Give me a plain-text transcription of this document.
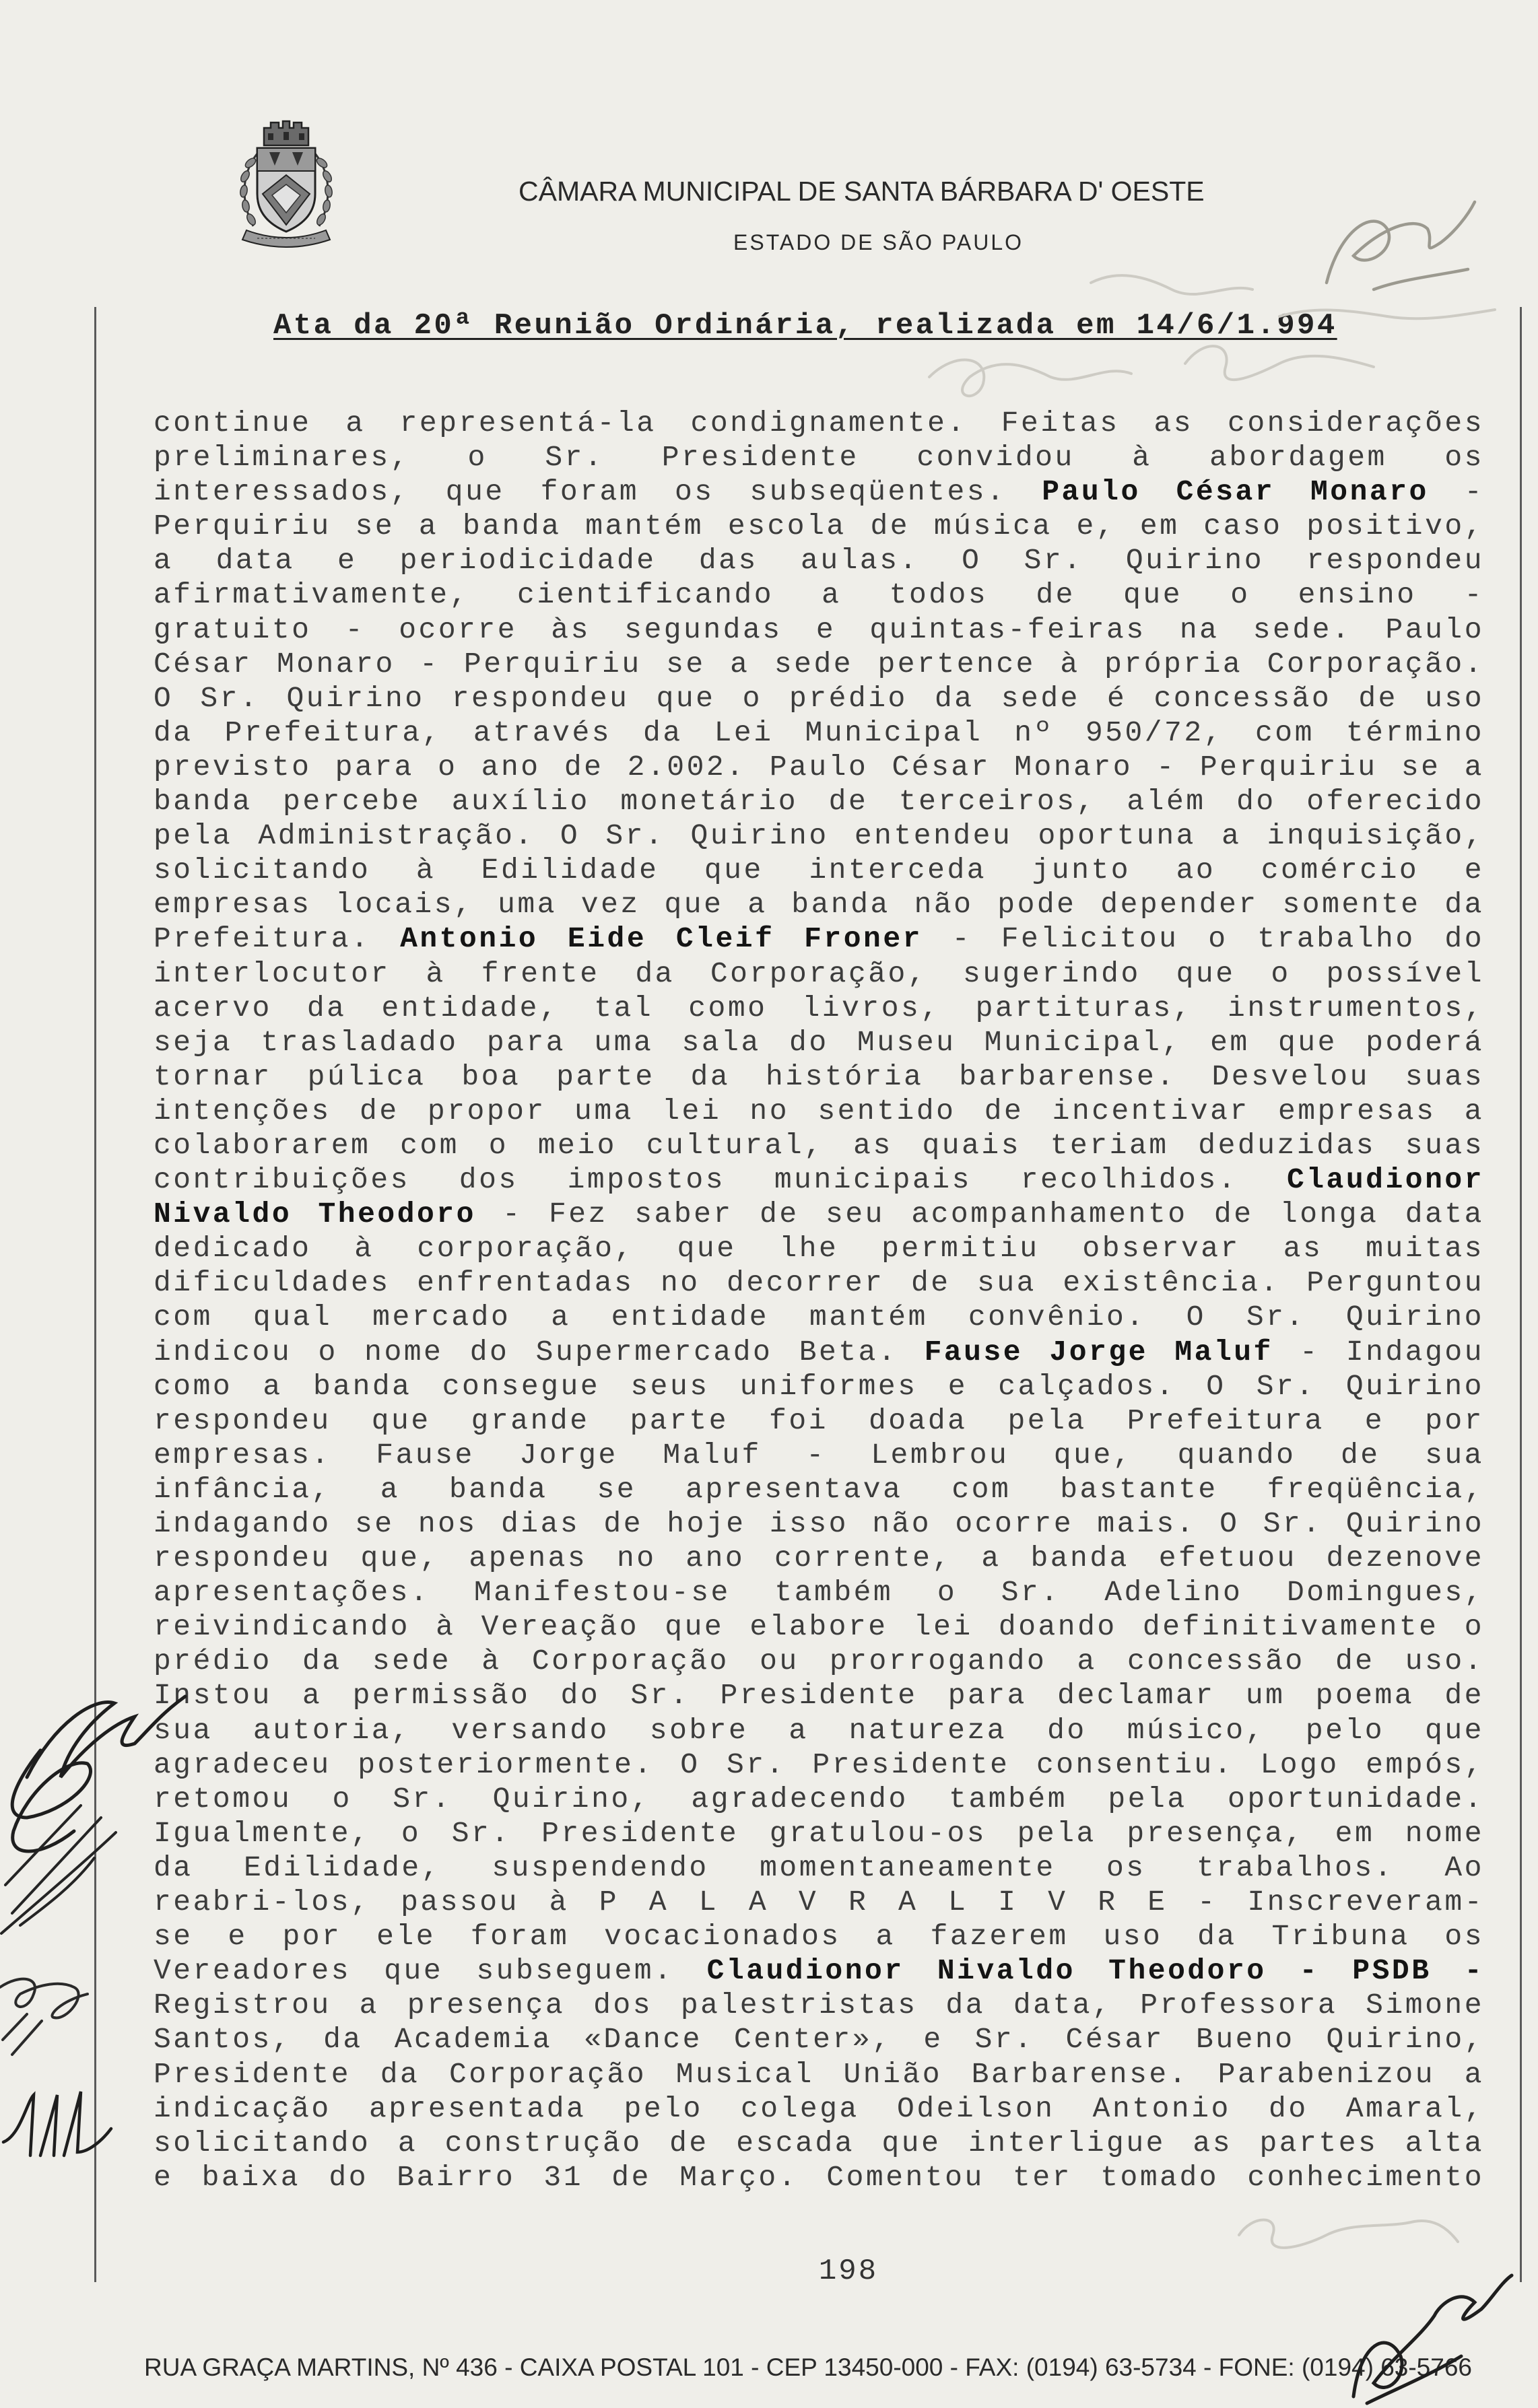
CÂMARA MUNICIPAL DE SANTA BÁRBARA D' OESTE
ESTADO DE SÃO PAULO
Ata da 20ª Reunião Ordinária, realizada em 14/6/1.994
continue a representá-la condignamente. Feitas as considerações
preliminares, o Sr. Presidente convidou à abordagem os
interessados, que foram os subseqüentes. Paulo César Monaro -
Perquiriu se a banda mantém escola de música e, em caso positivo,
a data e periodicidade das aulas. O Sr. Quirino respondeu
afirmativamente, cientificando a todos de que o ensino -
gratuito - ocorre às segundas e quintas-feiras na sede. Paulo
César Monaro - Perquiriu se a sede pertence à própria Corporação.
O Sr. Quirino respondeu que o prédio da sede é concessão de uso
da Prefeitura, através da Lei Municipal nº 950/72, com término
previsto para o ano de 2.002. Paulo César Monaro - Perquiriu se a
banda percebe auxílio monetário de terceiros, além do oferecido
pela Administração. O Sr. Quirino entendeu oportuna a inquisição,
solicitando à Edilidade que interceda junto ao comércio e
empresas locais, uma vez que a banda não pode depender somente da
Prefeitura. Antonio Eide Cleif Froner - Felicitou o trabalho do
interlocutor à frente da Corporação, sugerindo que o possível
acervo da entidade, tal como livros, partituras, instrumentos,
seja trasladado para uma sala do Museu Municipal, em que poderá
tornar púlica boa parte da história barbarense. Desvelou suas
intenções de propor uma lei no sentido de incentivar empresas a
colaborarem com o meio cultural, as quais teriam deduzidas suas
contribuições dos impostos municipais recolhidos. Claudionor
Nivaldo Theodoro - Fez saber de seu acompanhamento de longa data
dedicado à corporação, que lhe permitiu observar as muitas
dificuldades enfrentadas no decorrer de sua existência. Perguntou
com qual mercado a entidade mantém convênio. O Sr. Quirino
indicou o nome do Supermercado Beta. Fause Jorge Maluf - Indagou
como a banda consegue seus uniformes e calçados. O Sr. Quirino
respondeu que grande parte foi doada pela Prefeitura e por
empresas. Fause Jorge Maluf - Lembrou que, quando de sua
infância, a banda se apresentava com bastante freqüência,
indagando se nos dias de hoje isso não ocorre mais. O Sr. Quirino
respondeu que, apenas no ano corrente, a banda efetuou dezenove
apresentações. Manifestou-se também o Sr. Adelino Domingues,
reivindicando à Vereação que elabore lei doando definitivamente o
prédio da sede à Corporação ou prorrogando a concessão de uso.
Instou a permissão do Sr. Presidente para declamar um poema de
sua autoria, versando sobre a natureza do músico, pelo que
agradeceu posteriormente. O Sr. Presidente consentiu. Logo empós,
retomou o Sr. Quirino, agradecendo também pela oportunidade.
Igualmente, o Sr. Presidente gratulou-os pela presença, em nome
da Edilidade, suspendendo momentaneamente os trabalhos. Ao
reabri-los, passou à P A L A V R A L I V R E - Inscreveram-
se e por ele foram vocacionados a fazerem uso da Tribuna os
Vereadores que subseguem. Claudionor Nivaldo Theodoro - PSDB -
Registrou a presença dos palestristas da data, Professora Simone
Santos, da Academia «Dance Center», e Sr. César Bueno Quirino,
Presidente da Corporação Musical União Barbarense. Parabenizou a
indicação apresentada pelo colega Odeilson Antonio do Amaral,
solicitando a construção de escada que interligue as partes alta
e baixa do Bairro 31 de Março. Comentou ter tomado conhecimento
198
RUA GRAÇA MARTINS, Nº 436 - CAIXA POSTAL 101 - CEP 13450-000 - FAX: (0194) 63-5734 - FONE: (0194) 63-5766
